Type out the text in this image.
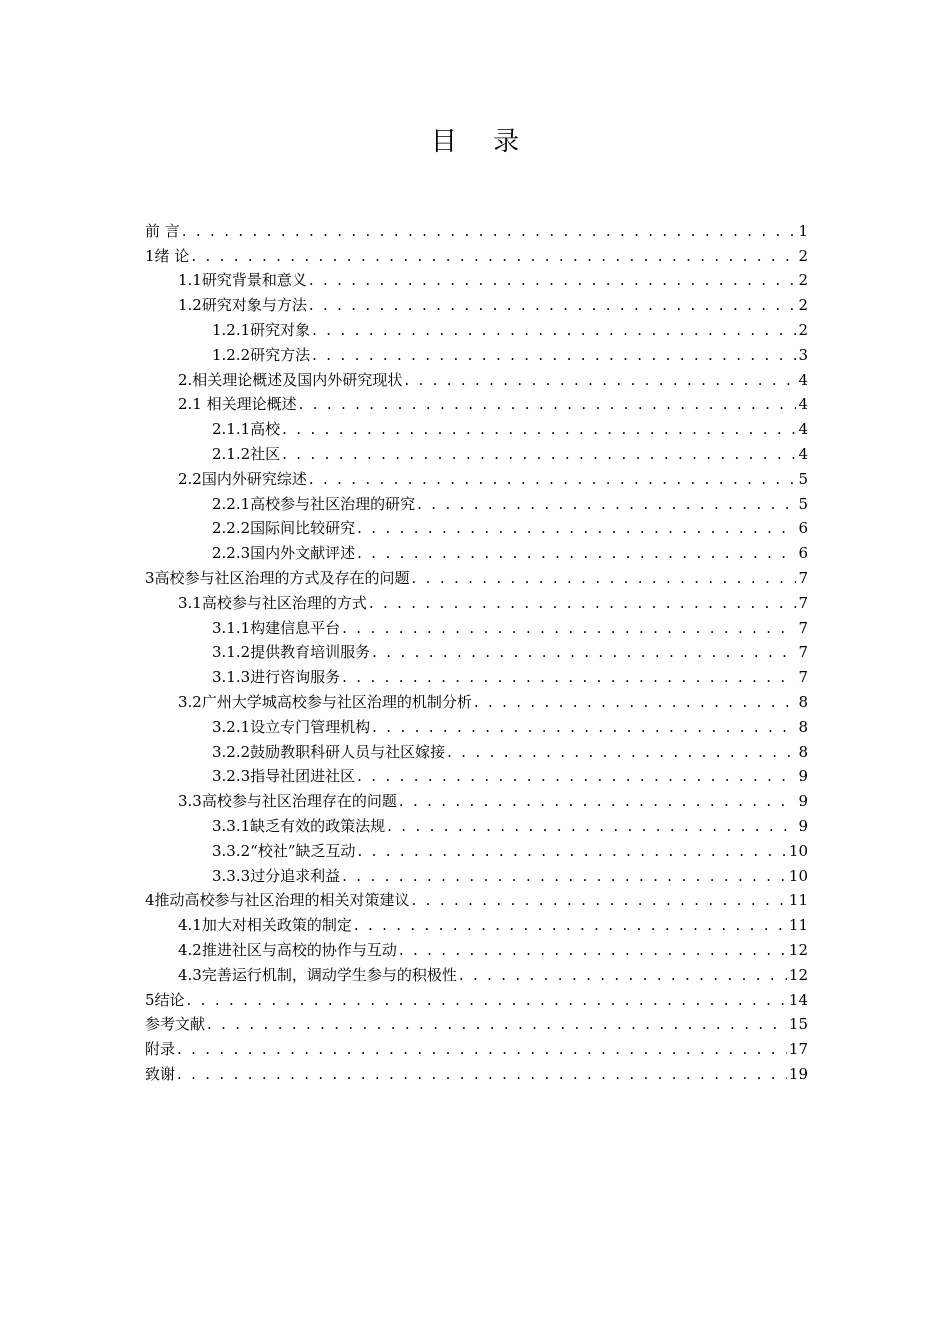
目 录
前 言 . . .	1
1绪 论 . . .	2
1.1研究背景和意义 . . .	2
1.2研究对象与方法 . . .	2
1.2.1研究对象 . . .	2
1.2.2研究方法 . . .	3
2.相关理论概述及国内外研究现状 . . .	4
2.1 相关理论概述 . . .	4
2.1.1高校 . . .	4
2.1.2社区 . . .	4
2.2国内外研究综述 . . .	5
2.2.1高校参与社区治理的研究 . . .	5
2.2.2国际间比较研究 . . .	6
2.2.3国内外文献评述 . . .	6
3高校参与社区治理的方式及存在的问题 . . .	7
3.1高校参与社区治理的方式 . . .	7
3.1.1构建信息平台 . . .	7
3.1.2提供教育培训服务 . . .	7
3.1.3进行咨询服务 . . .	7
3.2广州大学城高校参与社区治理的机制分析 . . .	8
3.2.1设立专门管理机构 . . .	8
3.2.2鼓励教职科研人员与社区嫁接 . . .	8
3.2.3指导社团进社区 . . .	9
3.3高校参与社区治理存在的问题 . . .	9
3.3.1缺乏有效的政策法规 . . .	9
3.3.2“校社”缺乏互动 . . .	10
3.3.3过分追求利益 . . .	10
4推动高校参与社区治理的相关对策建议 . . .	11
4.1加大对相关政策的制定 . . .	11
4.2推进社区与高校的协作与互动 . . .	12
4.3完善运行机制，调动学生参与的积极性 . . .	12
5结论 . . .	14
参考文献 . . .	15
附录 . . .	17
致谢 . . .	19
